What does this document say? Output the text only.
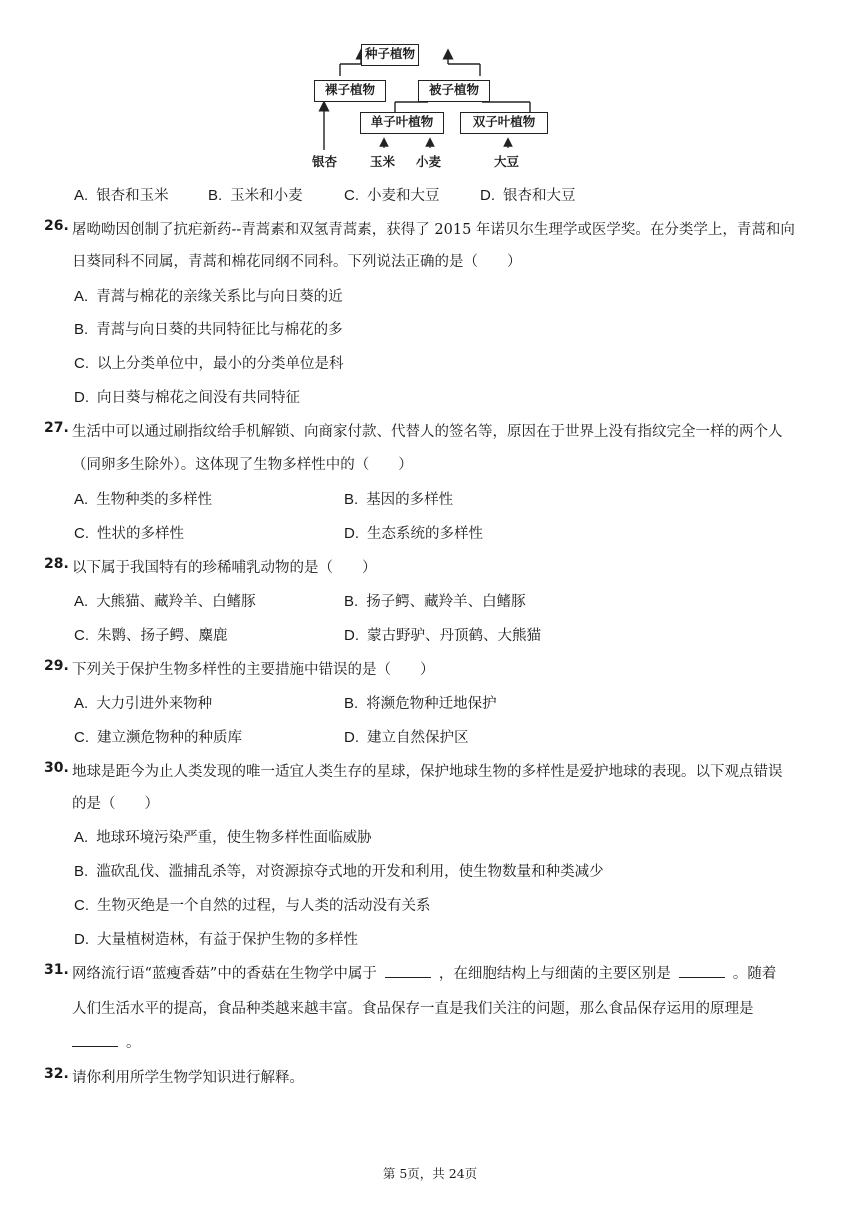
种子植物
裸子植物	被子植物
单子叶植物	双子叶植物
银杏	玉米 小麦	大豆
A. 银杏和玉米	B. 玉米和小麦	C. 小麦和大豆	D. 银杏和大豆
26. 屠呦呦因创制了抗疟新药--青蒿素和双氢青蒿素，获得了 2015 年诺贝尔生理学或医学奖。在分类学上，青蒿和向
日葵同科不同属，青蒿和棉花同纲不同科。下列说法正确的是（　　）
A. 青蒿与棉花的亲缘关系比与向日葵的近
B. 青蒿与向日葵的共同特征比与棉花的多
C. 以上分类单位中，最小的分类单位是科
D. 向日葵与棉花之间没有共同特征
27. 生活中可以通过刷指纹给手机解锁、向商家付款、代替人的签名等，原因在于世界上没有指纹完全一样的两个人
（同卵多生除外）。这体现了生物多样性中的（　　）
A. 生物种类的多样性	B. 基因的多样性
C. 性状的多样性	D. 生态系统的多样性
28. 以下属于我国特有的珍稀哺乳动物的是（　　）
A. 大熊猫、藏羚羊、白鳍豚	B. 扬子鳄、藏羚羊、白鳍豚
C. 朱鹮、扬子鳄、麋鹿	D. 蒙古野驴、丹顶鹤、大熊猫
29. 下列关于保护生物多样性的主要措施中错误的是（　　）
A. 大力引进外来物种	B. 将濒危物种迁地保护
C. 建立濒危物种的种质库	D. 建立自然保护区
30. 地球是距今为止人类发现的唯一适宜人类生存的星球，保护地球生物的多样性是爱护地球的表现。以下观点错误
的是（　　）
A. 地球环境污染严重，使生物多样性面临威胁
B. 滥砍乱伐、滥捕乱杀等，对资源掠夺式地的开发和利用，使生物数量和种类减少
C. 生物灭绝是一个自然的过程，与人类的活动没有关系
D. 大量植树造林，有益于保护生物的多样性
31. 网络流行语“蓝瘦香菇”中的香菇在生物学中属于	，在细胞结构上与细菌的主要区别是	。随着
人们生活水平的提高，食品种类越来越丰富。食品保存一直是我们关注的问题，那么食品保存运用的原理是
。
32. 请你利用所学生物学知识进行解释。
第 5页，共 24页
